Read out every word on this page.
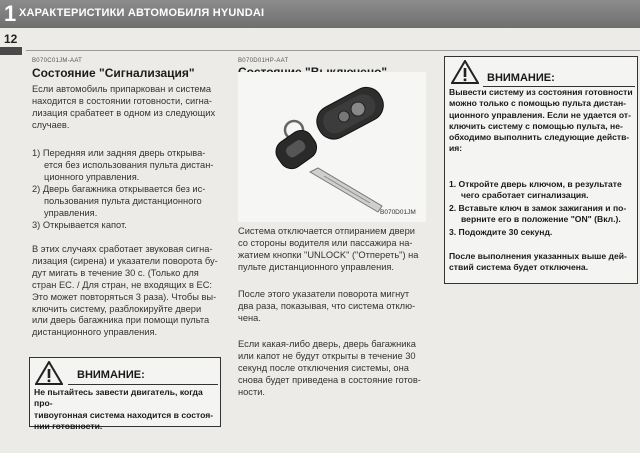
1 ХАРАКТЕРИСТИКИ АВТОМОБИЛЯ HYUNDAI
12
B070C01JM-AAT
Состояние "Сигнализация"
Если автомобиль припаркован и система
находится в состоянии готовности, сигна-
лизация срабатеет в одном из следующих
случаев.
1) Передняя или задняя дверь открыва-
ется без использования пульта дистан-
ционного управления.
2) Дверь багажника открывается без ис-
пользования пульта дистанционного
управления.
3) Открывается капот.
В этих случаях сработает звуковая сигна-
лизация (сирена) и указатели поворота бу-
дут мигать в течение 30 с. (Только для
стран ЕС. / Для стран, не входящих в ЕС:
Это может повторяться 3 раза). Чтобы вы-
ключить систему, разблокируйте двери
или дверь багажника при помощи пульта
дистанционного управления.
ВНИМАНИЕ:
Не пытайтесь завести двигатель, когда про-
тивоугонная система находится в состоя-
нии готовности.
B070D01HP-AAT
B070D01JM
Система отключается отпиранием двери
со стороны водителя или пассажира на-
жатием кнопки "UNLOCK" ("Отпереть") на
пульте дистанционного управления.
После этого указатели поворота мигнут
два раза, показывая, что система отклю-
чена.
Если какая-либо дверь, дверь багажника
или капот не будут открыты в течение 30
секунд после отключения системы, она
снова будет приведена в состояние готов-
ности.
ВНИМАНИЕ:
Вывести систему из состояния готовности
можно только с помощью пульта дистан-
ционного управления. Если не удается от-
ключить систему с помощью пульта, не-
обходимо выполнить следующие действ-
ия:
1. Откройте дверь ключом, в результате
чего сработает сигнализация.
2. Вставьте ключ в замок зажигания и по-
верните его в положение "ON" (Вкл.).
3. Подождите 30 секунд.
После выполнения указанных выше дей-
ствий система будет отключена.
